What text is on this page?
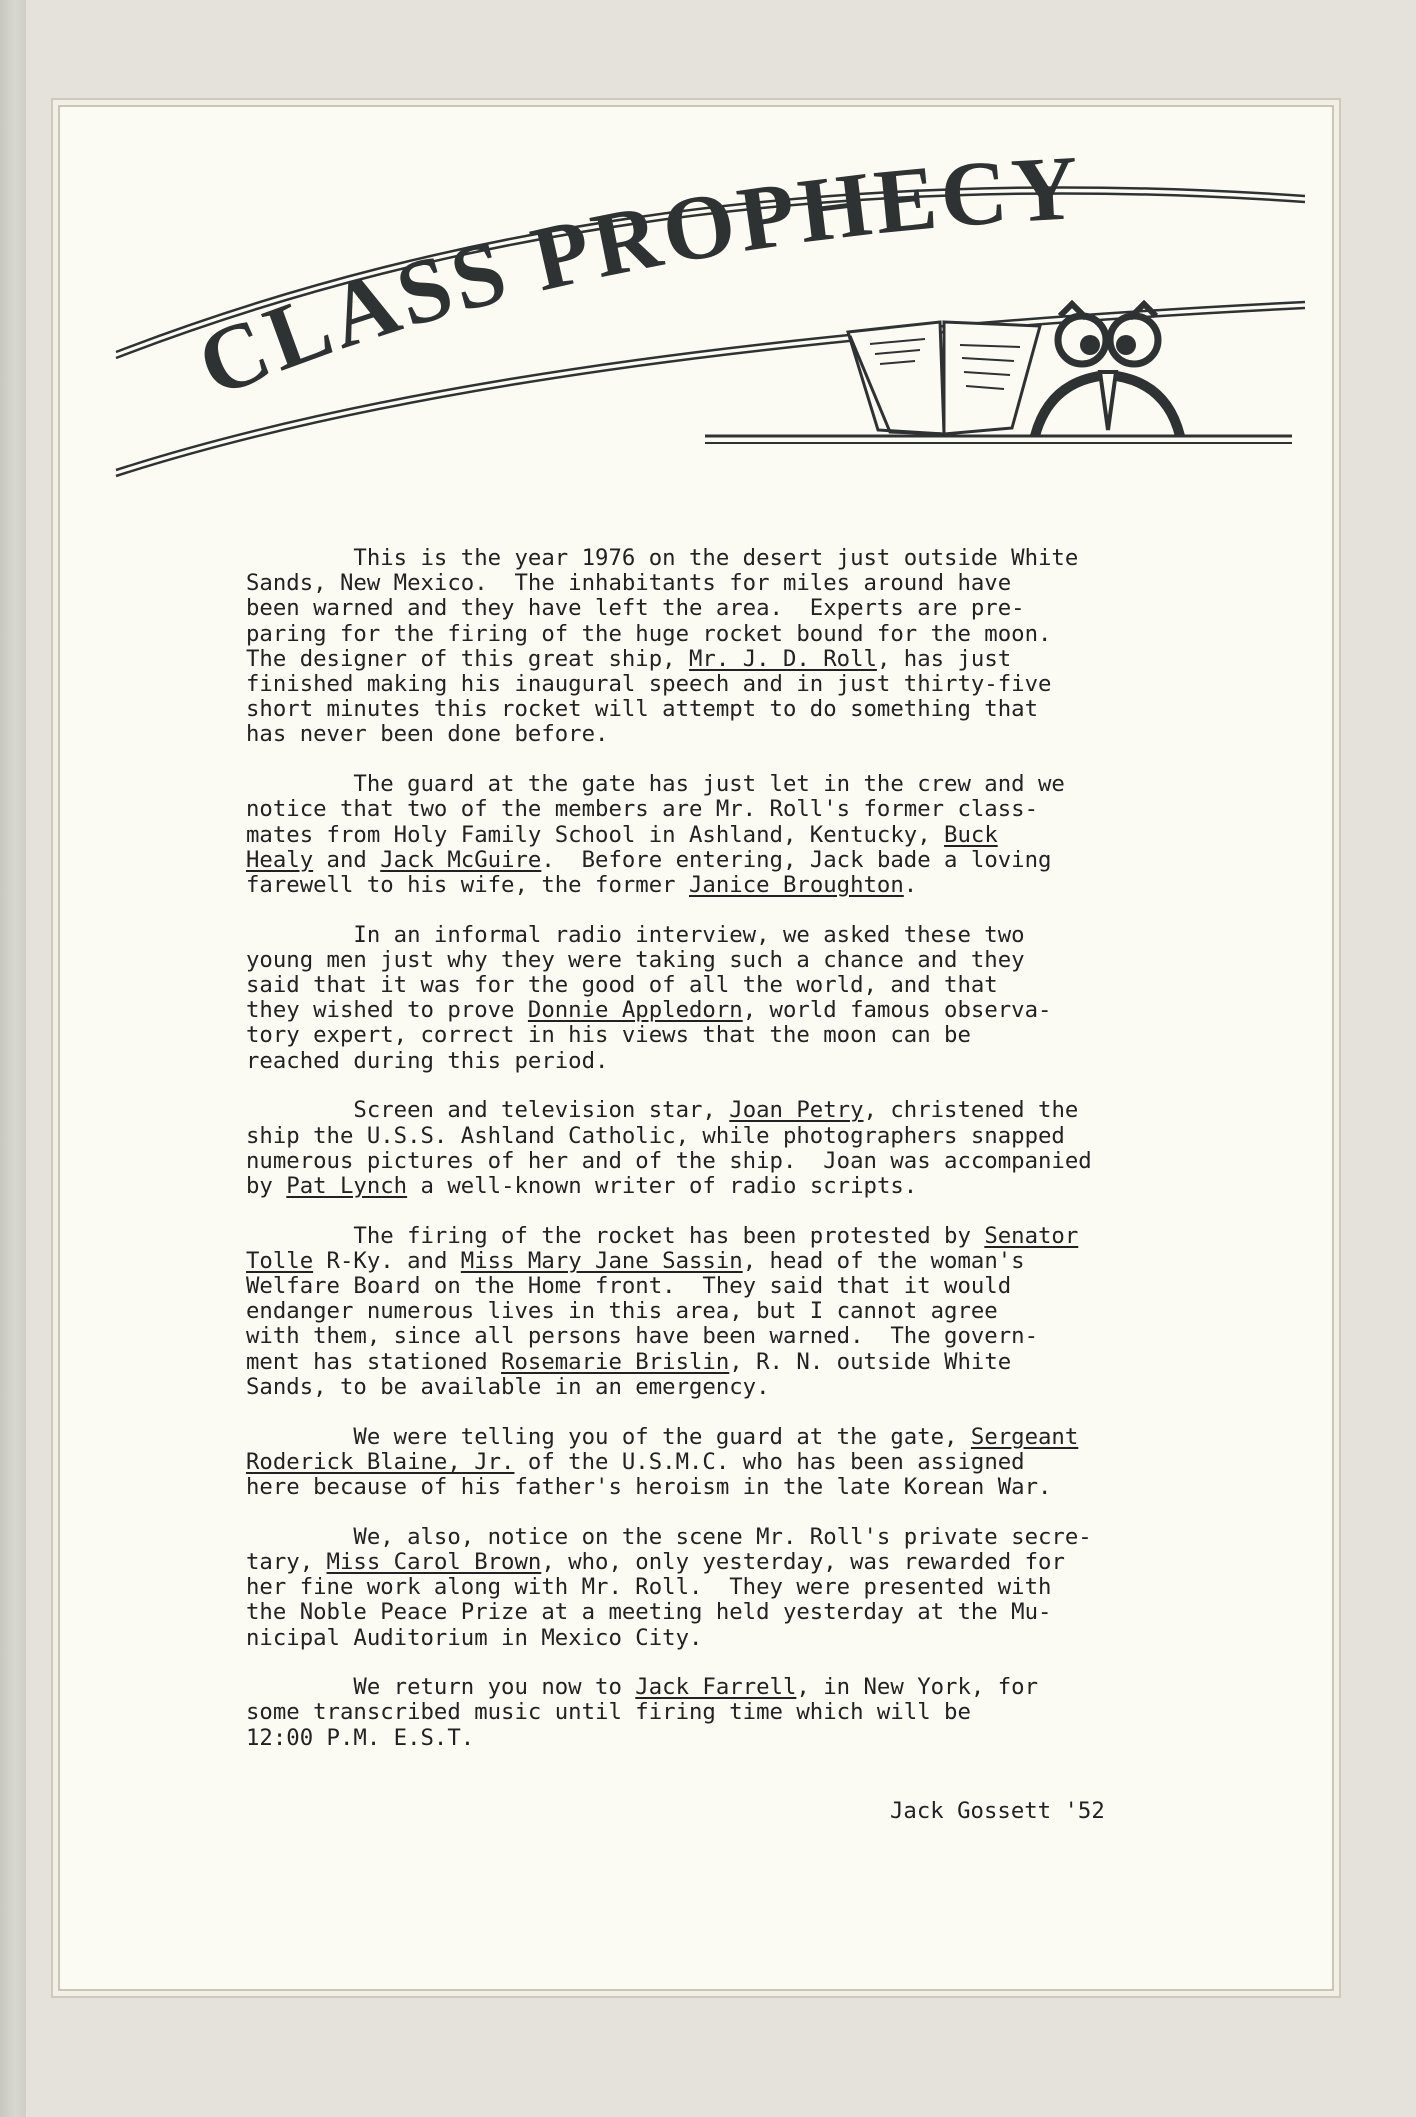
CLASS PROPHECY

This is the year 1976 on the desert just outside White
Sands, New Mexico.  The inhabitants for miles around have
been warned and they have left the area.  Experts are pre-
paring for the firing of the huge rocket bound for the moon.
The designer of this great ship, Mr. J. D. Roll, has just
finished making his inaugural speech and in just thirty-five
short minutes this rocket will attempt to do something that
has never been done before.

The guard at the gate has just let in the crew and we
notice that two of the members are Mr. Roll's former class-
mates from Holy Family School in Ashland, Kentucky, Buck
Healy and Jack McGuire.  Before entering, Jack bade a loving
farewell to his wife, the former Janice Broughton.

In an informal radio interview, we asked these two
young men just why they were taking such a chance and they
said that it was for the good of all the world, and that
they wished to prove Donnie Appledorn, world famous observa-
tory expert, correct in his views that the moon can be
reached during this period.

Screen and television star, Joan Petry, christened the
ship the U.S.S. Ashland Catholic, while photographers snapped
numerous pictures of her and of the ship.  Joan was accompanied
by Pat Lynch a well-known writer of radio scripts.

The firing of the rocket has been protested by Senator
Tolle R-Ky. and Miss Mary Jane Sassin, head of the woman's
Welfare Board on the Home front.  They said that it would
endanger numerous lives in this area, but I cannot agree
with them, since all persons have been warned.  The govern-
ment has stationed Rosemarie Brislin, R. N. outside White
Sands, to be available in an emergency.

We were telling you of the guard at the gate, Sergeant
Roderick Blaine, Jr. of the U.S.M.C. who has been assigned
here because of his father's heroism in the late Korean War.

We, also, notice on the scene Mr. Roll's private secre-
tary, Miss Carol Brown, who, only yesterday, was rewarded for
her fine work along with Mr. Roll.  They were presented with
the Noble Peace Prize at a meeting held yesterday at the Mu-
nicipal Auditorium in Mexico City.

We return you now to Jack Farrell, in New York, for
some transcribed music until firing time which will be
12:00 P.M. E.S.T.

Jack Gossett '52
